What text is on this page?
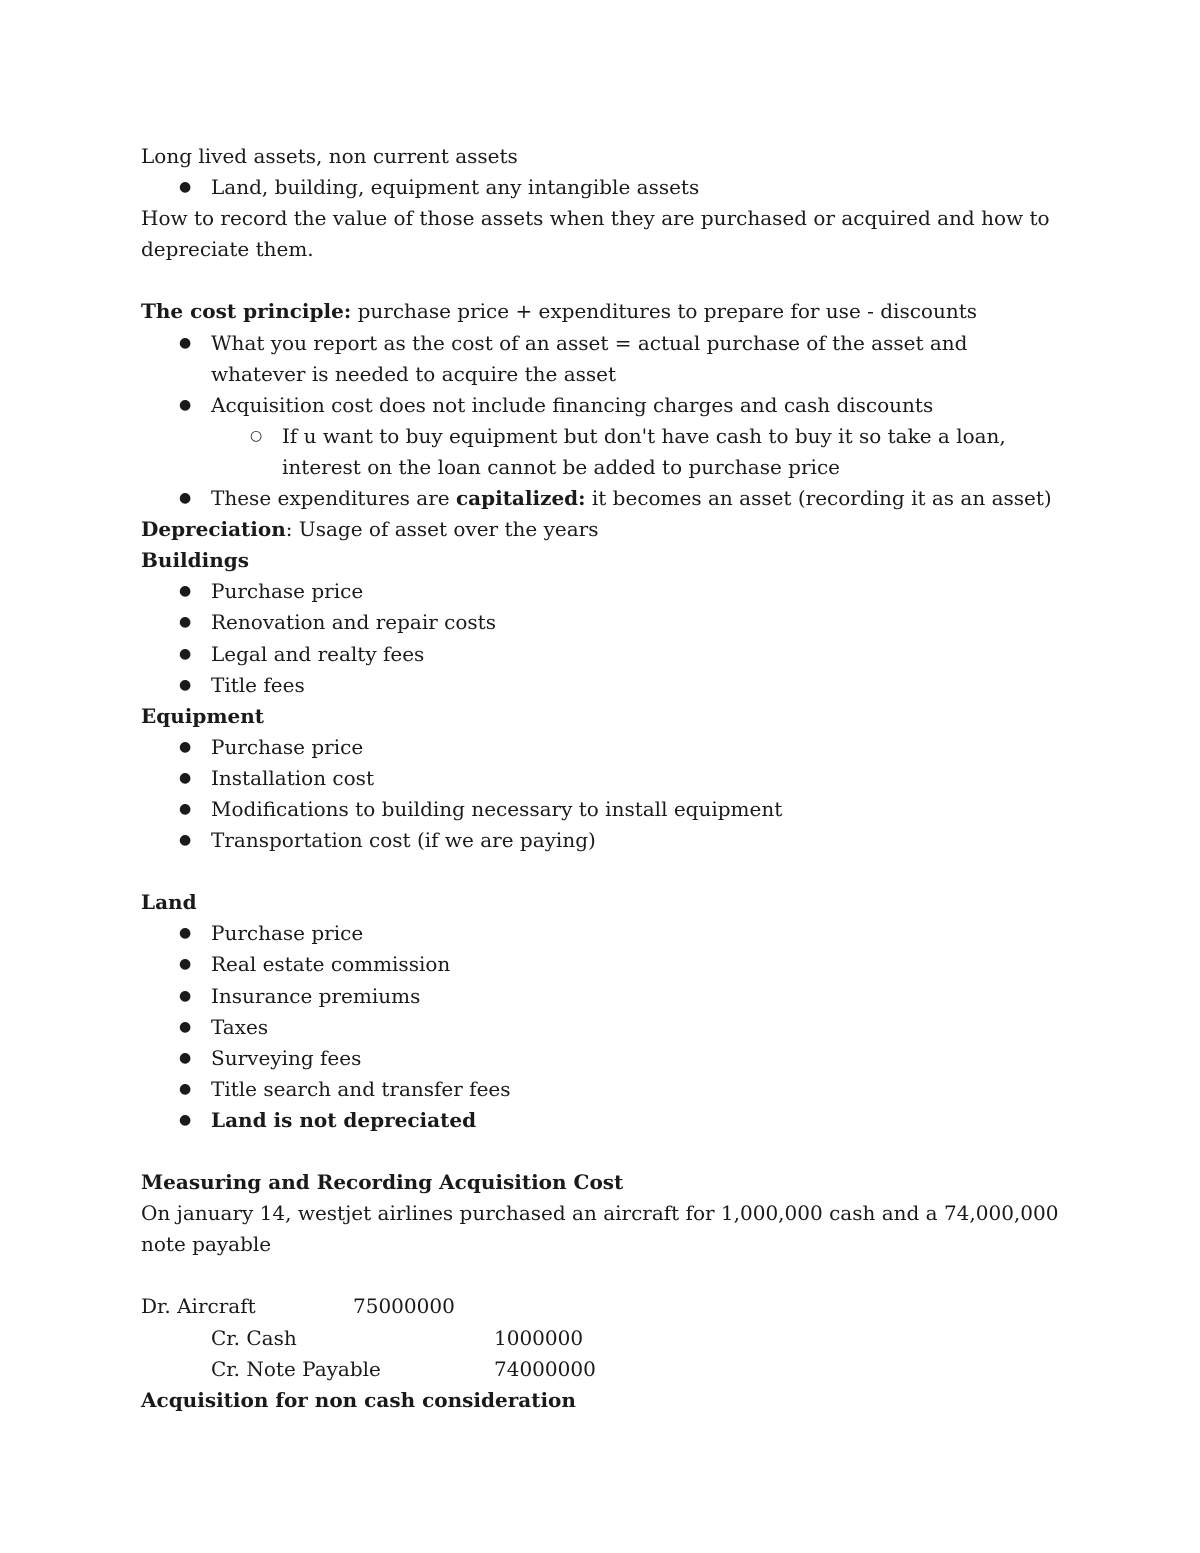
Long lived assets, non current assets

● Land, building, equipment any intangible assets

How to record the value of those assets when they are purchased or acquired and how to depreciate them.

The cost principle: purchase price + expenditures to prepare for use - discounts

● What you report as the cost of an asset = actual purchase of the asset and whatever is needed to acquire the asset
● Acquisition cost does not include financing charges and cash discounts
○ If u want to buy equipment but don't have cash to buy it so take a loan, interest on the loan cannot be added to purchase price
● These expenditures are capitalized: it becomes an asset (recording it as an asset)

Depreciation: Usage of asset over the years

Buildings

● Purchase price
● Renovation and repair costs
● Legal and realty fees
● Title fees

Equipment

● Purchase price
● Installation cost
● Modifications to building necessary to install equipment
● Transportation cost (if we are paying)

Land

● Purchase price
● Real estate commission
● Insurance premiums
● Taxes
● Surveying fees
● Title search and transfer fees
● Land is not depreciated

Measuring and Recording Acquisition Cost

On january 14, westjet airlines purchased an aircraft for 1,000,000 cash and a 74,000,000 note payable

Dr. Aircraft	75000000
Cr. Cash	1000000
Cr. Note Payable	74000000

Acquisition for non cash consideration
